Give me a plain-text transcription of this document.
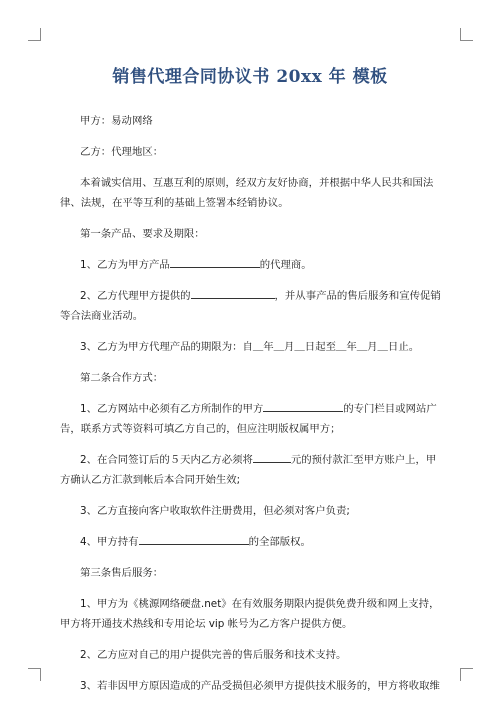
销售代理合同协议书 20xx 年 模板

甲方：易动网络

乙方：代理地区：

本着诚实信用、互惠互利的原则，经双方友好协商，并根据中华人民共和国法律、法规，在平等互利的基础上签署本经销协议。

第一条产品、要求及期限：

1、乙方为甲方产品	的代理商。

2、乙方代理甲方提供的	，并从事产品的售后服务和宣传促销等合法商业活动。

3、乙方为甲方代理产品的期限为：自＿年＿月＿日起至＿年＿月＿日止。

第二条合作方式：

1、乙方网站中必须有乙方所制作的甲方	的专门栏目或网站广告，联系方式等资料可填乙方自己的，但应注明版权属甲方；

2、在合同签订后的５天内乙方必须将	元的预付款汇至甲方账户上，甲方确认乙方汇款到帐后本合同开始生效;

3、乙方直接向客户收取软件注册费用，但必须对客户负责;

4、甲方持有	的全部版权。

第三条售后服务：

1、甲方为《桃源网络硬盘.net》在有效服务期限内提供免费升级和网上支持，甲方将开通技术热线和专用论坛 vip 帐号为乙方客户提供方便。

2、乙方应对自己的用户提供完善的售后服务和技术支持。

3、若非因甲方原因造成的产品受损但必须甲方提供技术服务的，甲方将收取维
